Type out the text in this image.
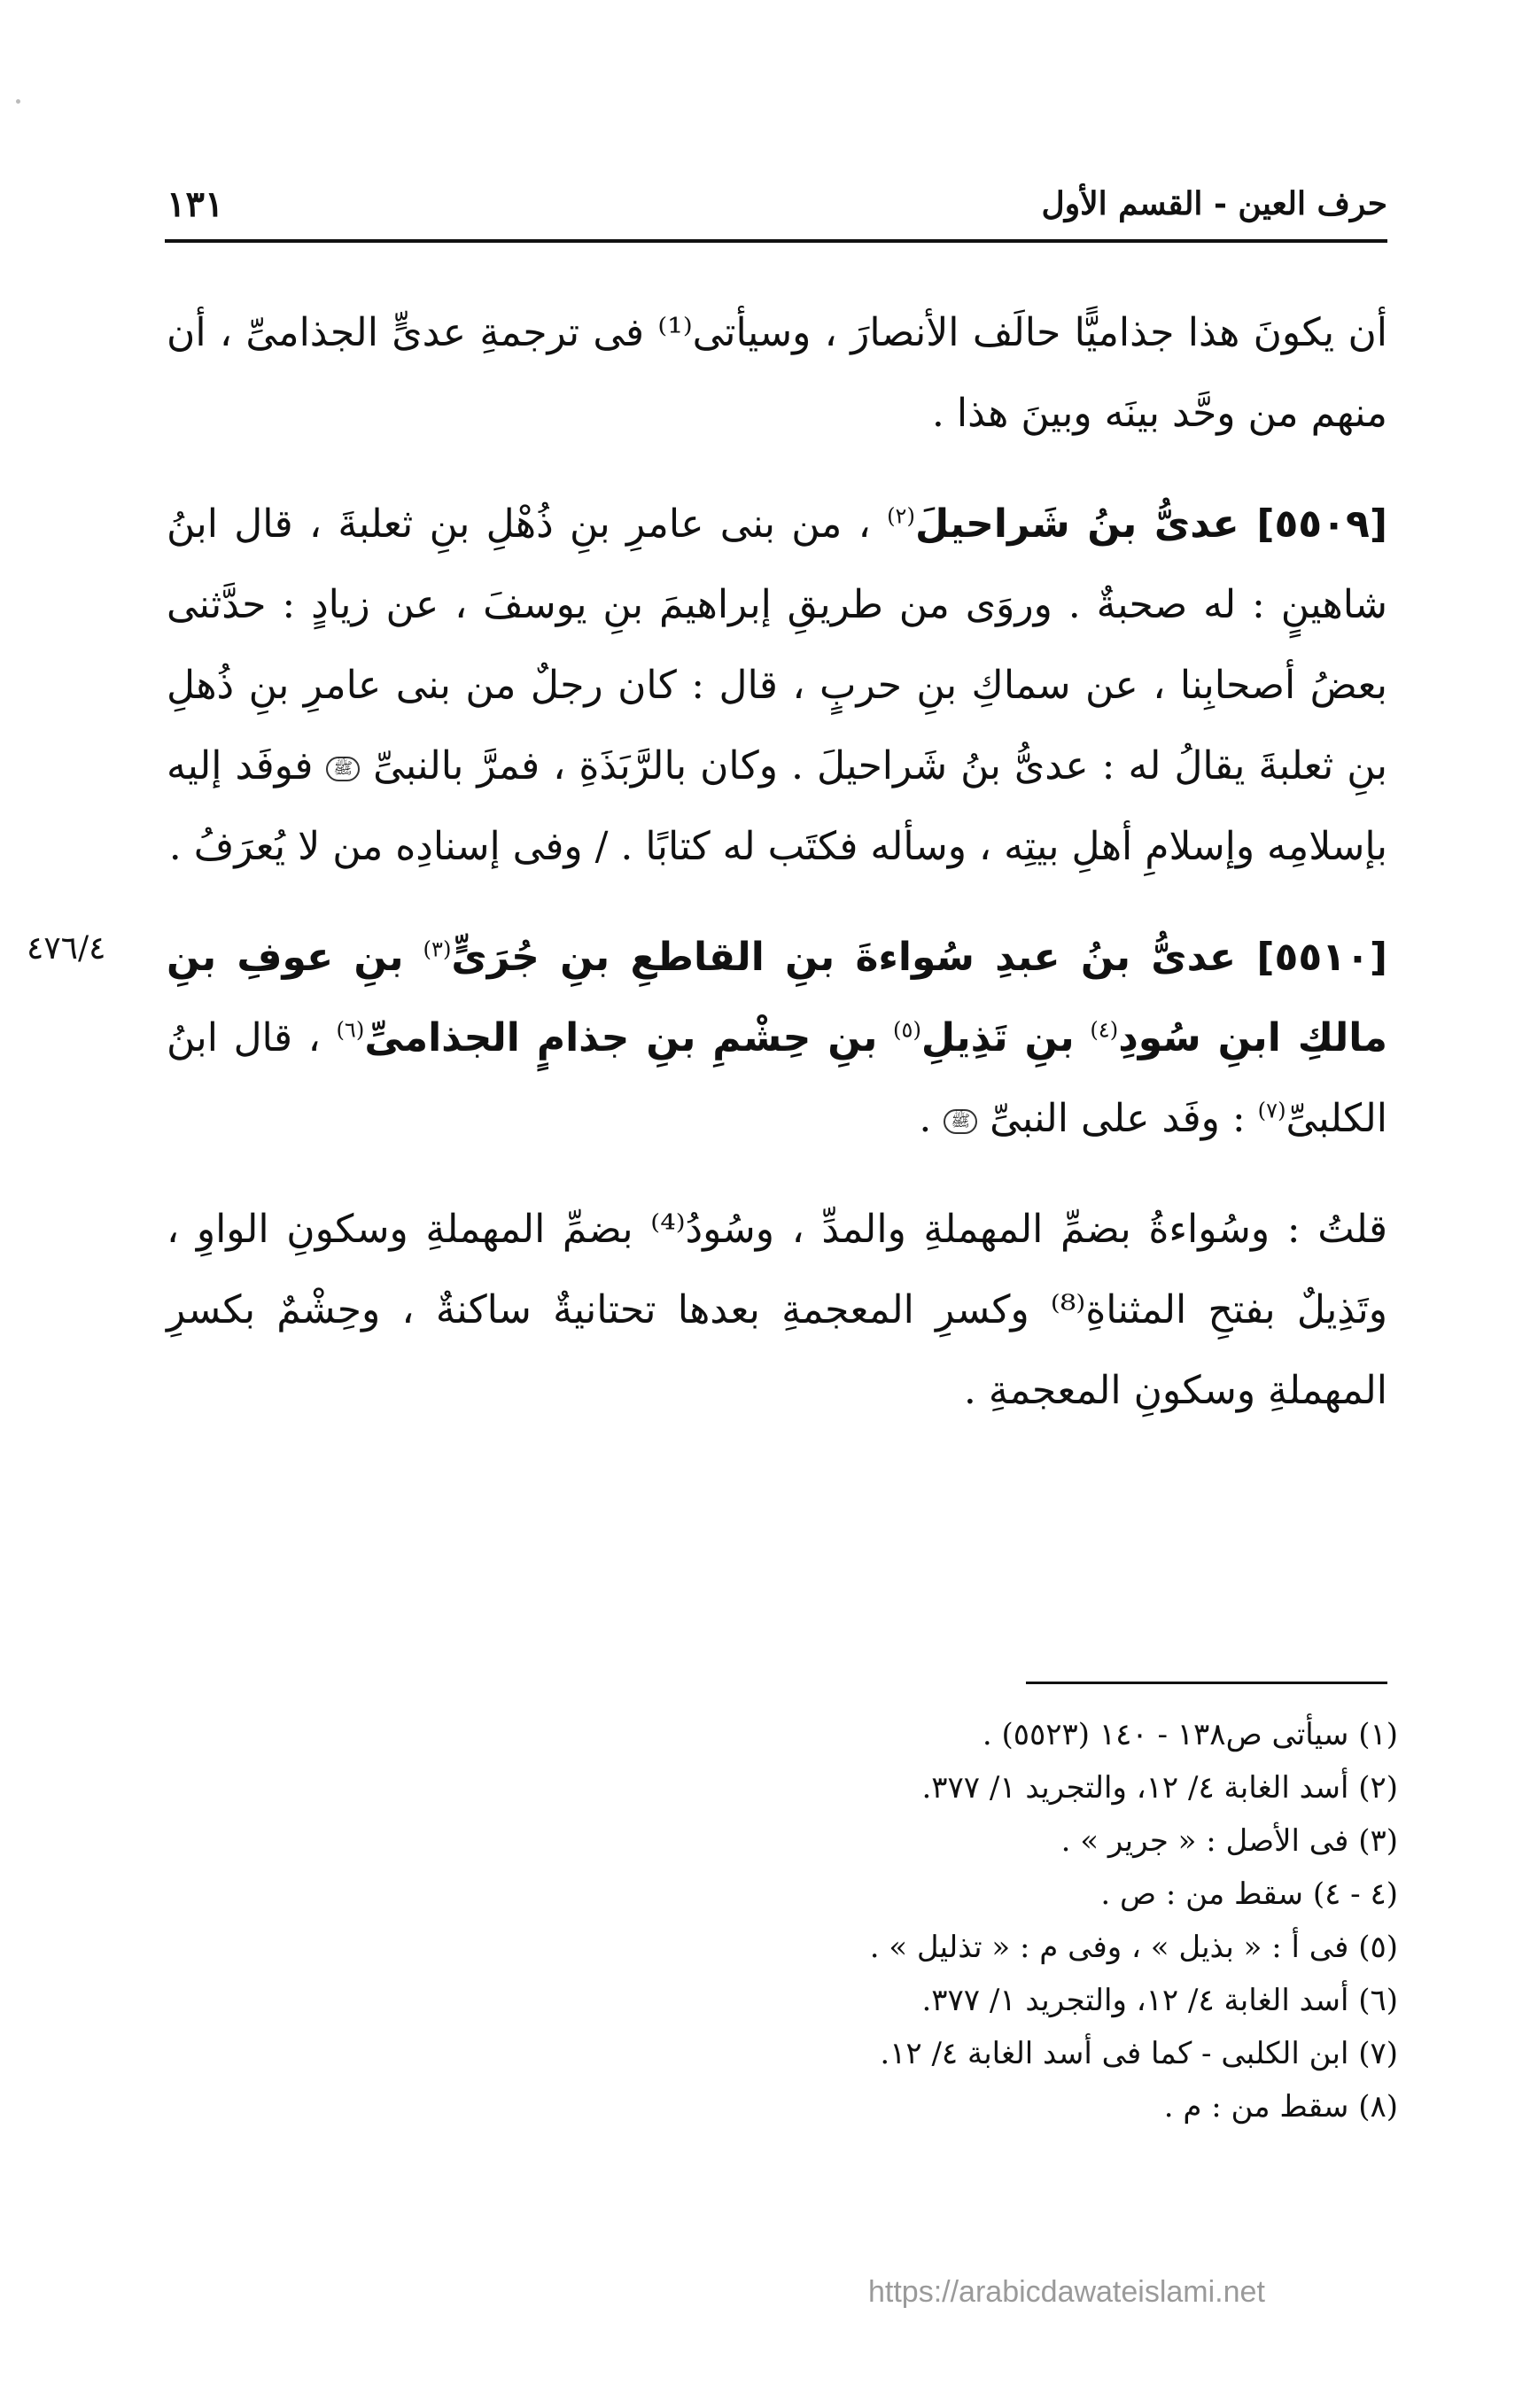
١٣١	حرف العين - القسم الأول

أن يكونَ هذا جذاميًّا حالَف الأنصارَ ، وسيأتى⁽¹⁾ فى ترجمةِ عدىٍّ الجذامىِّ ، أن منهم من وحَّد بينَه وبينَ هذا .

[٥٥٠٩] عدىُّ بنُ شَراحيلَ$^{(٢)}$ ، من بنى عامرِ بنِ ذُهْلِ بنِ ثعلبةَ ، قال ابنُ شاهينٍ : له صحبةٌ . وروَى من طريقِ إبراهيمَ بنِ يوسفَ ، عن زيادٍ : حدَّثنى بعضُ أصحابِنا ، عن سماكِ بنِ حربٍ ، قال : كان رجلٌ من بنى عامرِ بنِ ذُهلِ بنِ ثعلبةَ يقالُ له : عدىُّ بنُ شَراحيلَ . وكان بالرَّبَذَةِ ، فمرَّ بالنبىِّ ﷺ فوفَد إليه بإسلامِه وإسلامِ أهلِ بيتِه ، وسأله فكتَب له كتابًا . / وفى إسنادِه من لا يُعرَفُ .

[٥٥١٠] عدىُّ بنُ عبدِ سُواءةَ بنِ القاطعِ بنِ جُرَىٍّ$^{(٣)}$ بنِ عوفِ بنِ مالكِ ابنِ سُودِ$^{(٤)}$ بنِ تَذِيلِ$^{(٥)}$ بنِ حِشْمِ بنِ جذامٍ الجذامىِّ$^{(٦)}$ ، قال ابنُ الكلبىِّ$^{(٧)}$ : وفَد على النبىِّ ﷺ .

قلتُ : وسُواءةُ بضمِّ المهملةِ والمدِّ ، وسُودُ⁽⁴⁾ بضمِّ المهملةِ وسكونِ الواوِ ، وتَذِيلٌ بفتحِ المثناةِ⁽⁸⁾ وكسرِ المعجمةِ بعدها تحتانيةٌ ساكنةٌ ، وحِشْمٌ بكسرِ المهملةِ وسكونِ المعجمةِ .

٤٧٦/٤
(١) سيأتى ص١٣٨ - ١٤٠ (٥٥٢٣) .
(٢) أسد الغابة ٤/ ١٢، والتجريد ١/ ٣٧٧.
(٣) فى الأصل : « جرير » .
(٤ - ٤) سقط من : ص .
(٥) فى أ : « بذيل » ، وفى م : « تذليل » .
(٦) أسد الغابة ٤/ ١٢، والتجريد ١/ ٣٧٧.
(٧) ابن الكلبى - كما فى أسد الغابة ٤/ ١٢.
(٨) سقط من : م .
https://arabicdawateislami.net
